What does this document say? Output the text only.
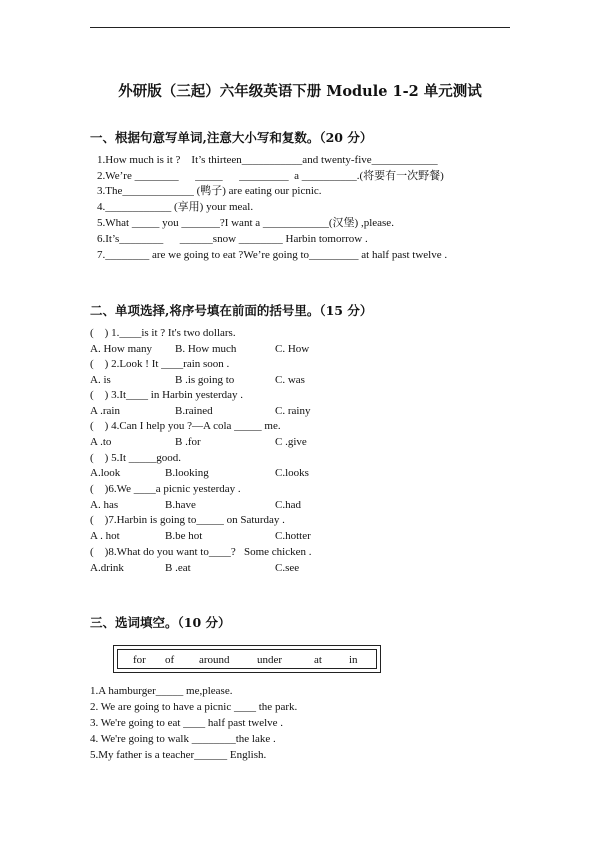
外研版（三起）六年级英语下册 Module 1-2 单元测试
一、根据句意写单词,注意大小写和复数。（20 分）
1.How much is it ?    It’s thirteen___________and twenty-five____________
2.We’re ________      _____      _________  a __________.(将要有一次野餐)
3.The_____________ (鸭子) are eating our picnic.
4.____________ (享用) your meal.
5.What _____ you _______?I want a ____________(汉堡) ,please.
6.It’s________      ______snow ________ Harbin tomorrow .
7.________ are we going to eat ?We’re going to_________ at half past twelve .
二、单项选择,将序号填在前面的括号里。（15 分）
(    ) 1.____is it ? It's two dollars.
A. How many B. How much	C. How
(    ) 2.Look ! It ____rain soon .
A. is	B .is going to	C. was
(    ) 3.It____ in Harbin yesterday .
A .rain	B.rained	C. rainy
(    ) 4.Can I help you ?—A cola _____ me.
A .to	B .for	C .give
(    ) 5.It _____good.
A.look	B.looking	C.looks
(    )6.We ____a picnic yesterday .
A. has	B.have	C.had
(    )7.Harbin is going to_____ on Saturday .
A . hot	B.be hot	C.hotter
(    )8.What do you want to____?   Some chicken .
A.drink	B .eat	C.see
三、选词填空。（10 分）
for of around under	at in
1.A hamburger_____ me,please.
2. We are going to have a picnic ____ the park.
3. We're going to eat ____ half past twelve .
4. We're going to walk ________the lake .
5.My father is a teacher______ English.
